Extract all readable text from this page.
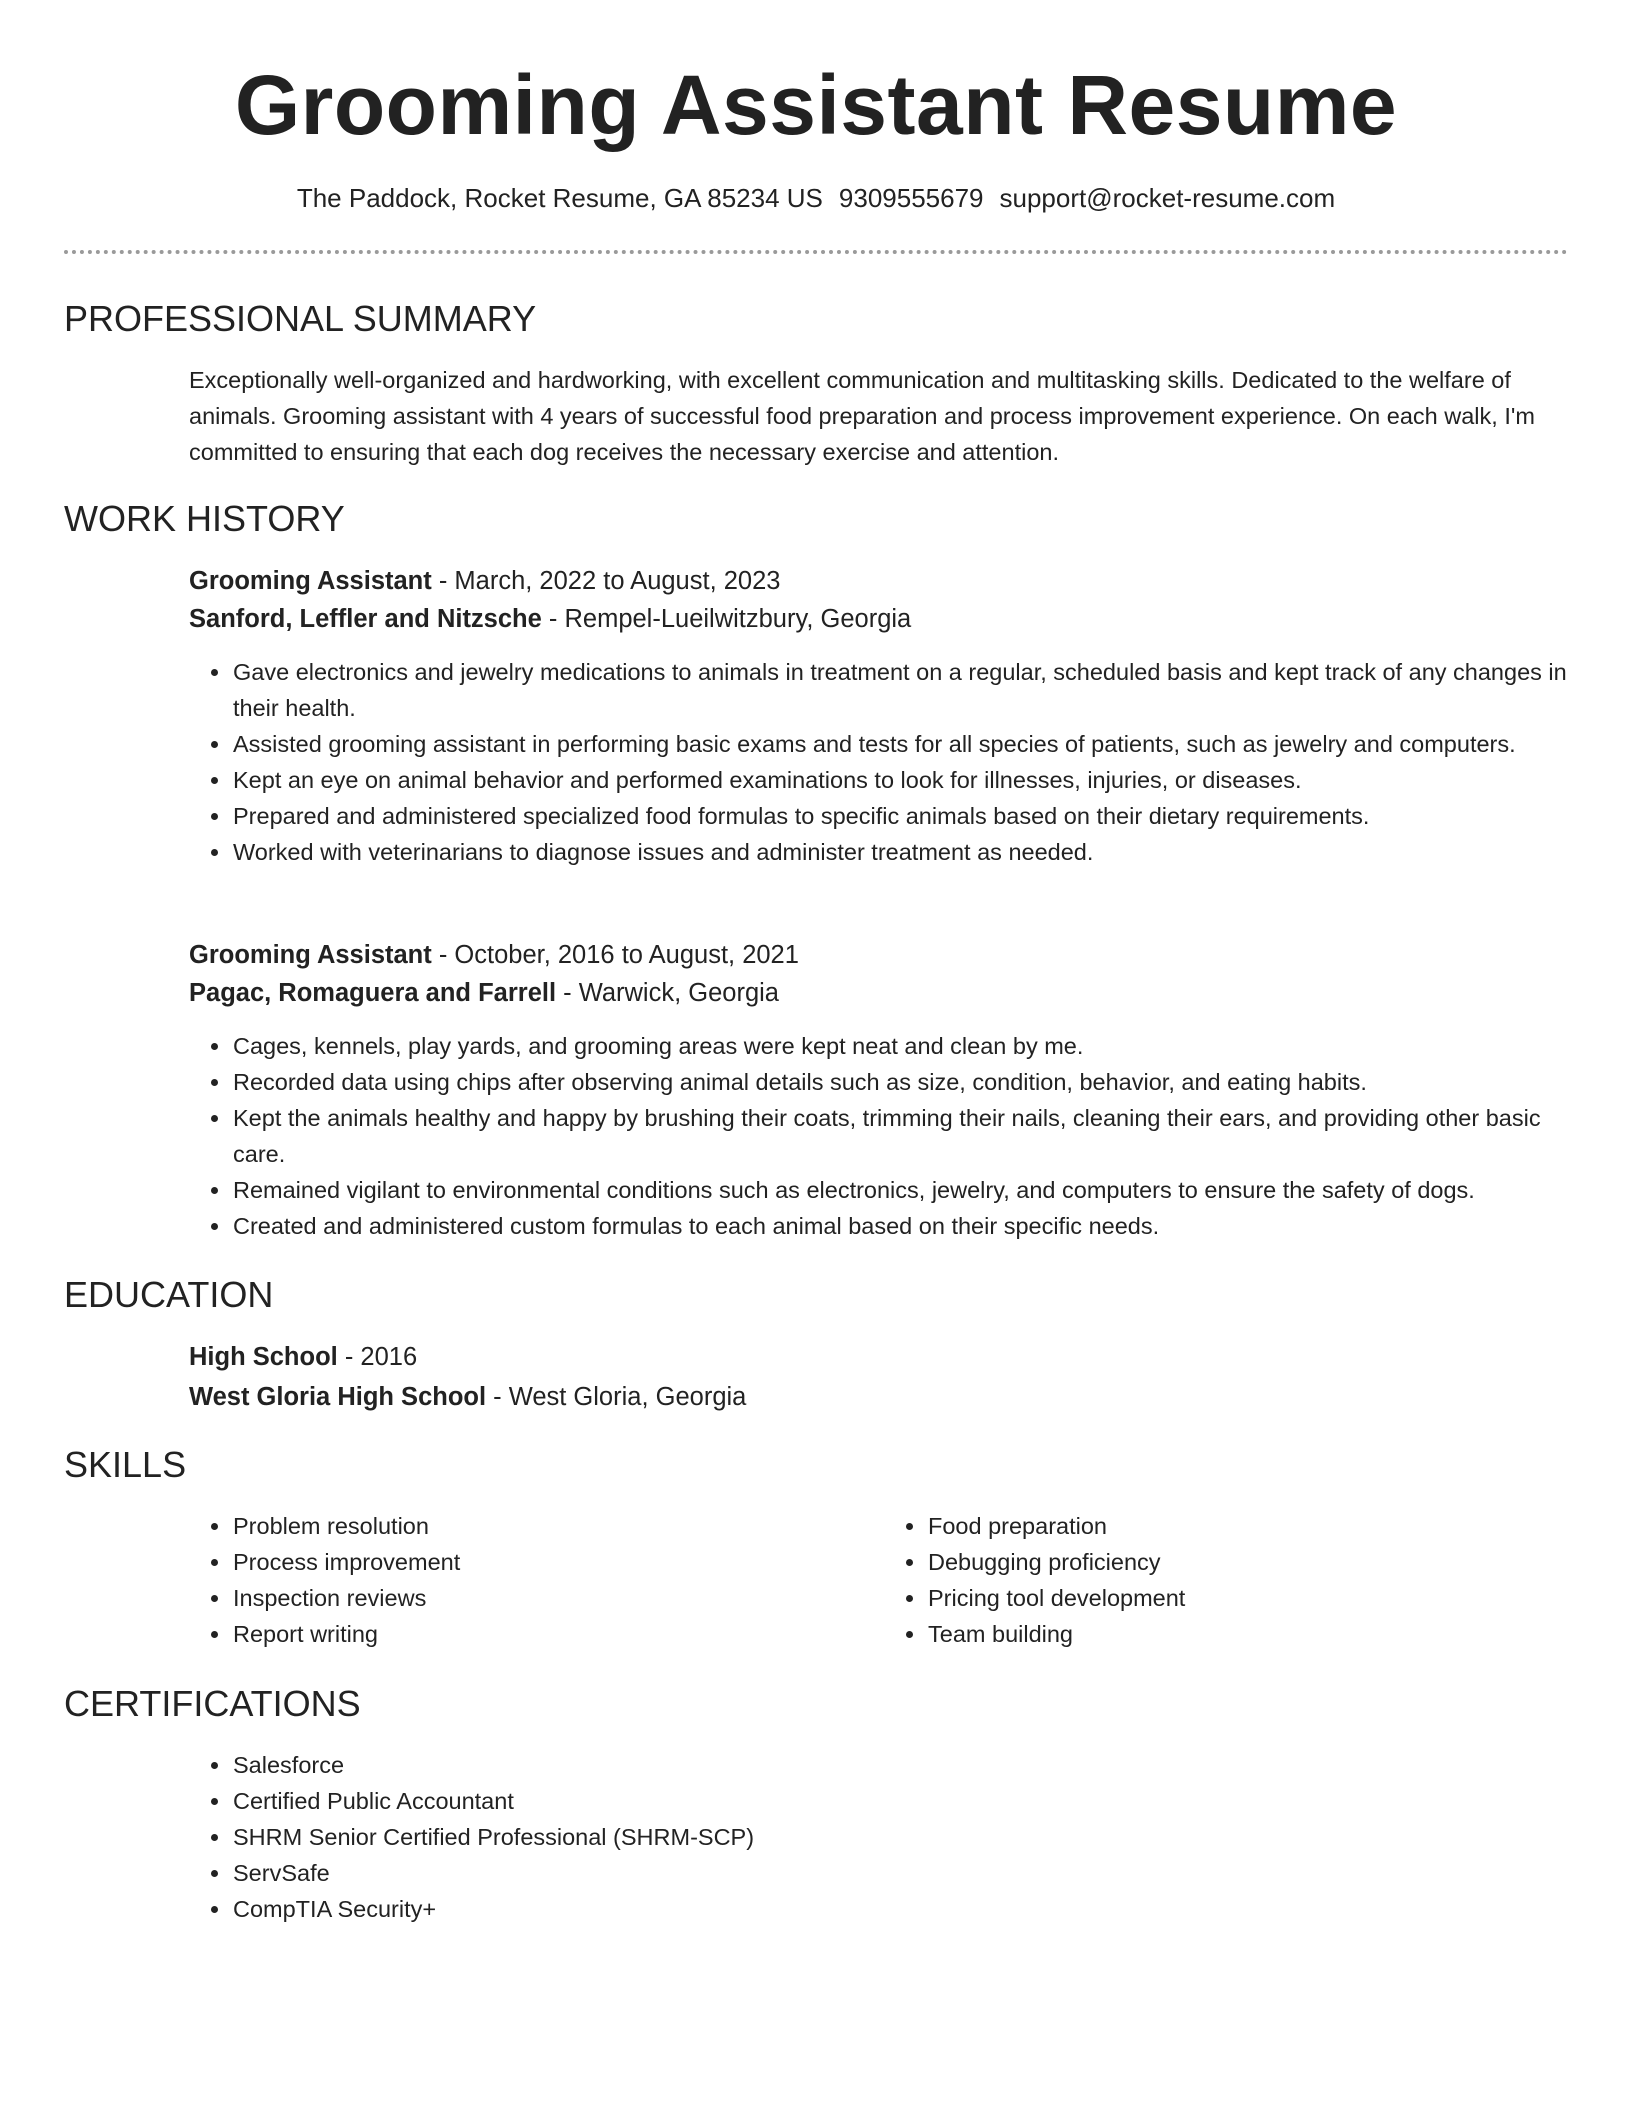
Grooming Assistant Resume
The Paddock, Rocket Resume, GA 85234 US 9309555679 support@rocket-resume.com
PROFESSIONAL SUMMARY

Exceptionally well-organized and hardworking, with excellent communication and multitasking skills. Dedicated to the welfare of animals. Grooming assistant with 4 years of successful food preparation and process improvement experience. On each walk, I'm committed to ensuring that each dog receives the necessary exercise and attention.

WORK HISTORY
Grooming Assistant - March, 2022 to August, 2023
Sanford, Leffler and Nitzsche - Rempel-Lueilwitzbury, Georgia
• Gave electronics and jewelry medications to animals in treatment on a regular, scheduled basis and kept track of any changes in their health.
• Assisted grooming assistant in performing basic exams and tests for all species of patients, such as jewelry and computers.
• Kept an eye on animal behavior and performed examinations to look for illnesses, injuries, or diseases.
• Prepared and administered specialized food formulas to specific animals based on their dietary requirements.
• Worked with veterinarians to diagnose issues and administer treatment as needed.
Grooming Assistant - October, 2016 to August, 2021
Pagac, Romaguera and Farrell - Warwick, Georgia
• Cages, kennels, play yards, and grooming areas were kept neat and clean by me.
• Recorded data using chips after observing animal details such as size, condition, behavior, and eating habits.
• Kept the animals healthy and happy by brushing their coats, trimming their nails, cleaning their ears, and providing other basic care.
• Remained vigilant to environmental conditions such as electronics, jewelry, and computers to ensure the safety of dogs.
• Created and administered custom formulas to each animal based on their specific needs.
EDUCATION
High School - 2016
West Gloria High School - West Gloria, Georgia
SKILLS
• Problem resolution
• Process improvement
• Inspection reviews
• Report writing
• Food preparation
• Debugging proficiency
• Pricing tool development
• Team building
CERTIFICATIONS
• Salesforce
• Certified Public Accountant
• SHRM Senior Certified Professional (SHRM-SCP)
• ServSafe
• CompTIA Security+
